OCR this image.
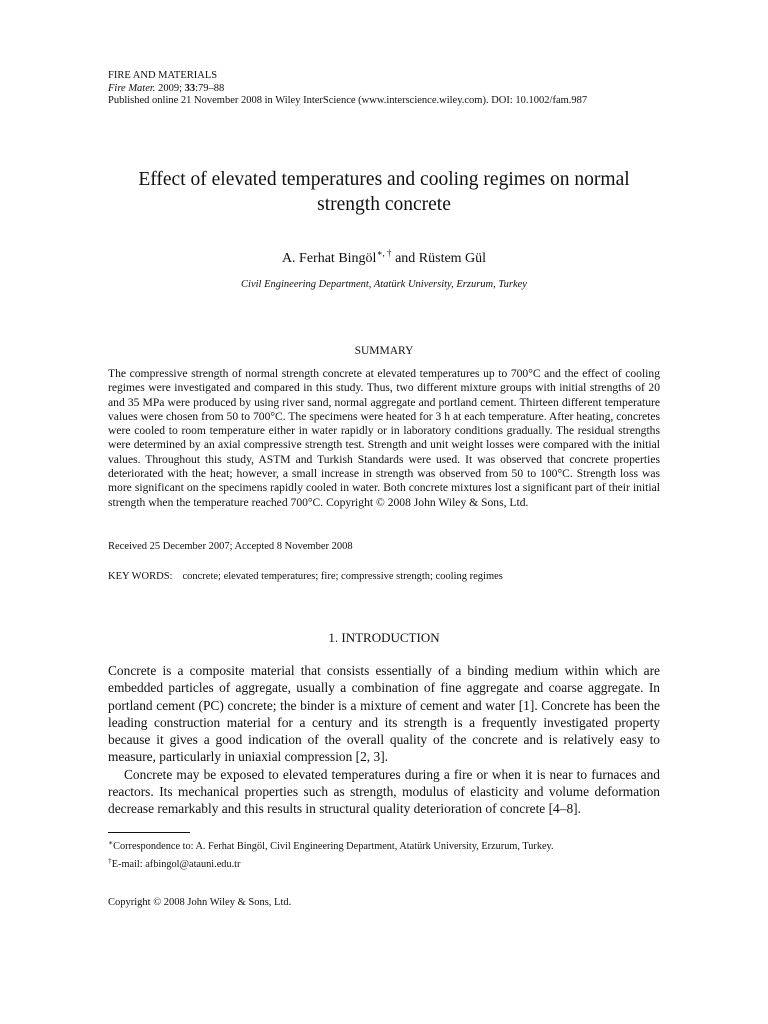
FIRE AND MATERIALS
Fire Mater. 2009; 33:79–88
Published online 21 November 2008 in Wiley InterScience (www.interscience.wiley.com). DOI: 10.1002/fam.987
Effect of elevated temperatures and cooling regimes on normal strength concrete
A. Ferhat Bingöl∗, † and Rüstem Gül
Civil Engineering Department, Atatürk University, Erzurum, Turkey
SUMMARY

The compressive strength of normal strength concrete at elevated temperatures up to 700°C and the effect of cooling regimes were investigated and compared in this study. Thus, two different mixture groups with initial strengths of 20 and 35 MPa were produced by using river sand, normal aggregate and portland cement. Thirteen different temperature values were chosen from 50 to 700°C. The specimens were heated for 3 h at each temperature. After heating, concretes were cooled to room temperature either in water rapidly or in laboratory conditions gradually. The residual strengths were determined by an axial compressive strength test. Strength and unit weight losses were compared with the initial values. Throughout this study, ASTM and Turkish Standards were used. It was observed that concrete properties deteriorated with the heat; however, a small increase in strength was observed from 50 to 100°C. Strength loss was more significant on the specimens rapidly cooled in water. Both concrete mixtures lost a significant part of their initial strength when the temperature reached 700°C. Copyright © 2008 John Wiley & Sons, Ltd.

Received 25 December 2007; Accepted 8 November 2008
KEY WORDS: concrete; elevated temperatures; fire; compressive strength; cooling regimes
1. INTRODUCTION

Concrete is a composite material that consists essentially of a binding medium within which are embedded particles of aggregate, usually a combination of fine aggregate and coarse aggregate. In portland cement (PC) concrete; the binder is a mixture of cement and water [1]. Concrete has been the leading construction material for a century and its strength is a frequently investigated property because it gives a good indication of the overall quality of the concrete and is relatively easy to measure, particularly in uniaxial compression [2, 3].

Concrete may be exposed to elevated temperatures during a fire or when it is near to furnaces and reactors. Its mechanical properties such as strength, modulus of elasticity and volume deformation decrease remarkably and this results in structural quality deterioration of concrete [4–8].

∗Correspondence to: A. Ferhat Bingöl, Civil Engineering Department, Atatürk University, Erzurum, Turkey.
†E-mail: afbingol@atauni.edu.tr
Copyright © 2008 John Wiley & Sons, Ltd.
